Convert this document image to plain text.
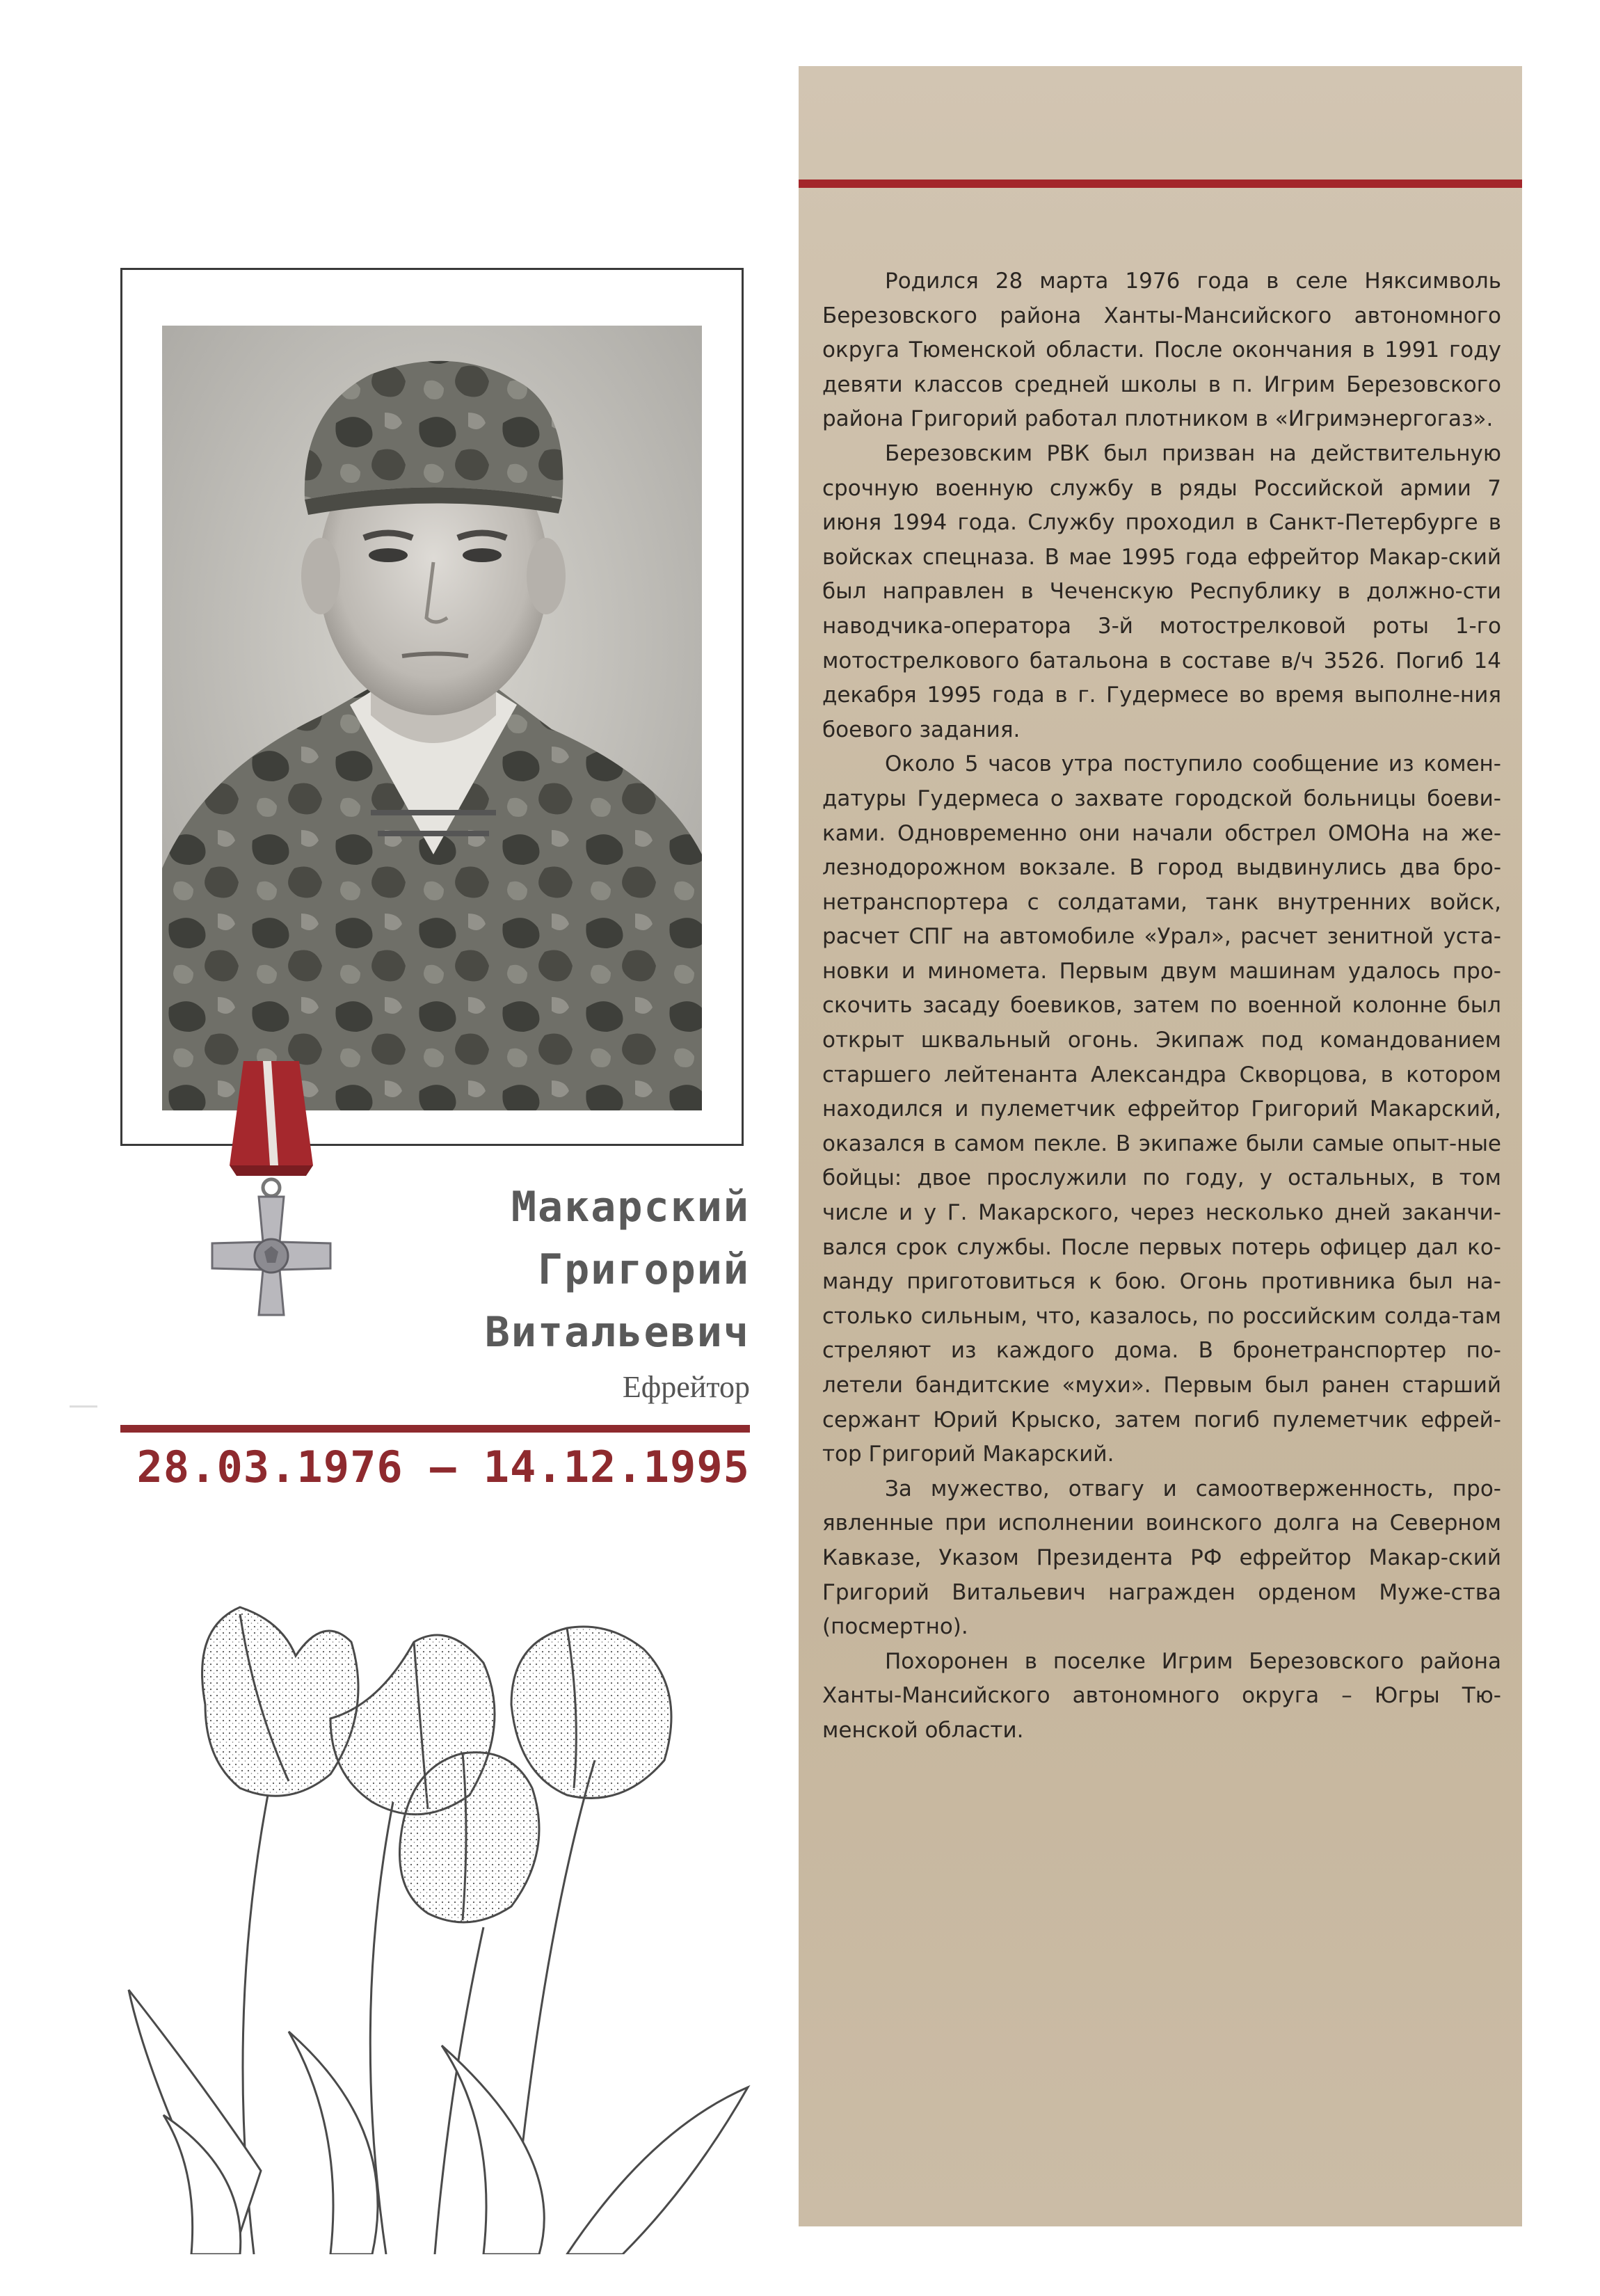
Макарский
Григорий
Витальевич
Ефрейтор
28.03.1976 – 14.12.1995

Родился 28 марта 1976 года в селе Няксимволь Березовского района Ханты-Мансийского автономного округа Тюменской области. После окончания в 1991 году девяти классов средней школы в п. Игрим Березовского района Григорий работал плотником в «Игримэнергогаз».

Березовским РВК был призван на действительную срочную военную службу в ряды Российской армии 7 июня 1994 года. Службу проходил в Санкт-Петербурге в войсках спецназа. В мае 1995 года ефрейтор Макар-ский был направлен в Чеченскую Республику в должно-сти наводчика-оператора 3-й мотострелковой роты 1-го мотострелкового батальона в составе в/ч 3526. Погиб 14 декабря 1995 года в г. Гудермесе во время выполне-ния боевого задания.

Около 5 часов утра поступило сообщение из комен-датуры Гудермеса о захвате городской больницы боеви-ками. Одновременно они начали обстрел ОМОНа на же-лезнодорожном вокзале. В город выдвинулись два бро-нетранспортера с солдатами, танк внутренних войск, расчет СПГ на автомобиле «Урал», расчет зенитной уста-новки и миномета. Первым двум машинам удалось про-скочить засаду боевиков, затем по военной колонне был открыт шквальный огонь. Экипаж под командованием старшего лейтенанта Александра Скворцова, в котором находился и пулеметчик ефрейтор Григорий Макарский, оказался в самом пекле. В экипаже были самые опыт-ные бойцы: двое прослужили по году, у остальных, в том числе и у Г. Макарского, через несколько дней заканчи-вался срок службы. После первых потерь офицер дал ко-манду приготовиться к бою. Огонь противника был на-столько сильным, что, казалось, по российским солда-там стреляют из каждого дома. В бронетранспортер по-летели бандитские «мухи». Первым был ранен старший сержант Юрий Крыско, затем погиб пулеметчик ефрей-тор Григорий Макарский.

За мужество, отвагу и самоотверженность, про-явленные при исполнении воинского долга на Северном Кавказе, Указом Президента РФ ефрейтор Макар-ский Григорий Витальевич награжден орденом Муже-ства (посмертно).

Похоронен в поселке Игрим Березовского района Ханты-Мансийского автономного округа – Югры Тю-менской области.
